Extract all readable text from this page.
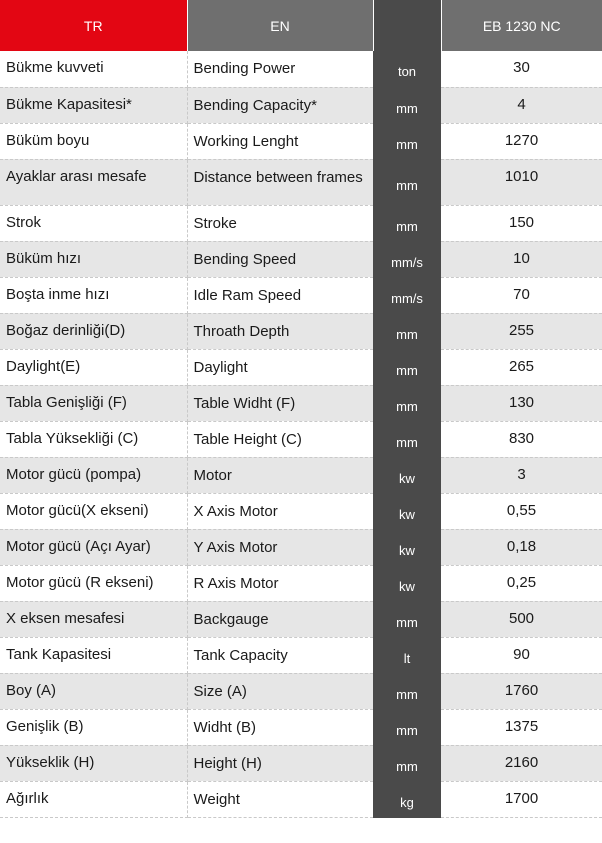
TR	EN		EB 1230 NC
Bükme kuvveti	Bending Power	ton	30
Bükme Kapasitesi*	Bending Capacity*	mm	4
Büküm boyu	Working Lenght	mm	1270
Ayaklar arası mesafe	Distance between frames	mm	1010
Strok	Stroke	mm	150
Büküm hızı	Bending Speed	mm/s	10
Boşta inme hızı	Idle Ram Speed	mm/s	70
Boğaz derinliği(D)	Throath Depth	mm	255
Daylight(E)	Daylight	mm	265
Tabla Genişliği (F)	Table Widht (F)	mm	130
Tabla Yüksekliği (C)	Table Height (C)	mm	830
Motor gücü (pompa)	Motor	kw	3
Motor gücü(X ekseni)	X Axis Motor	kw	0,55
Motor gücü (Açı Ayar)	Y Axis Motor	kw	0,18
Motor gücü (R ekseni)	R Axis Motor	kw	0,25
X eksen mesafesi	Backgauge	mm	500
Tank Kapasitesi	Tank Capacity	lt	90
Boy (A)	Size (A)	mm	1760
Genişlik (B)	Widht (B)	mm	1375
Yükseklik (H)	Height (H)	mm	2160
Ağırlık	Weight	kg	1700
